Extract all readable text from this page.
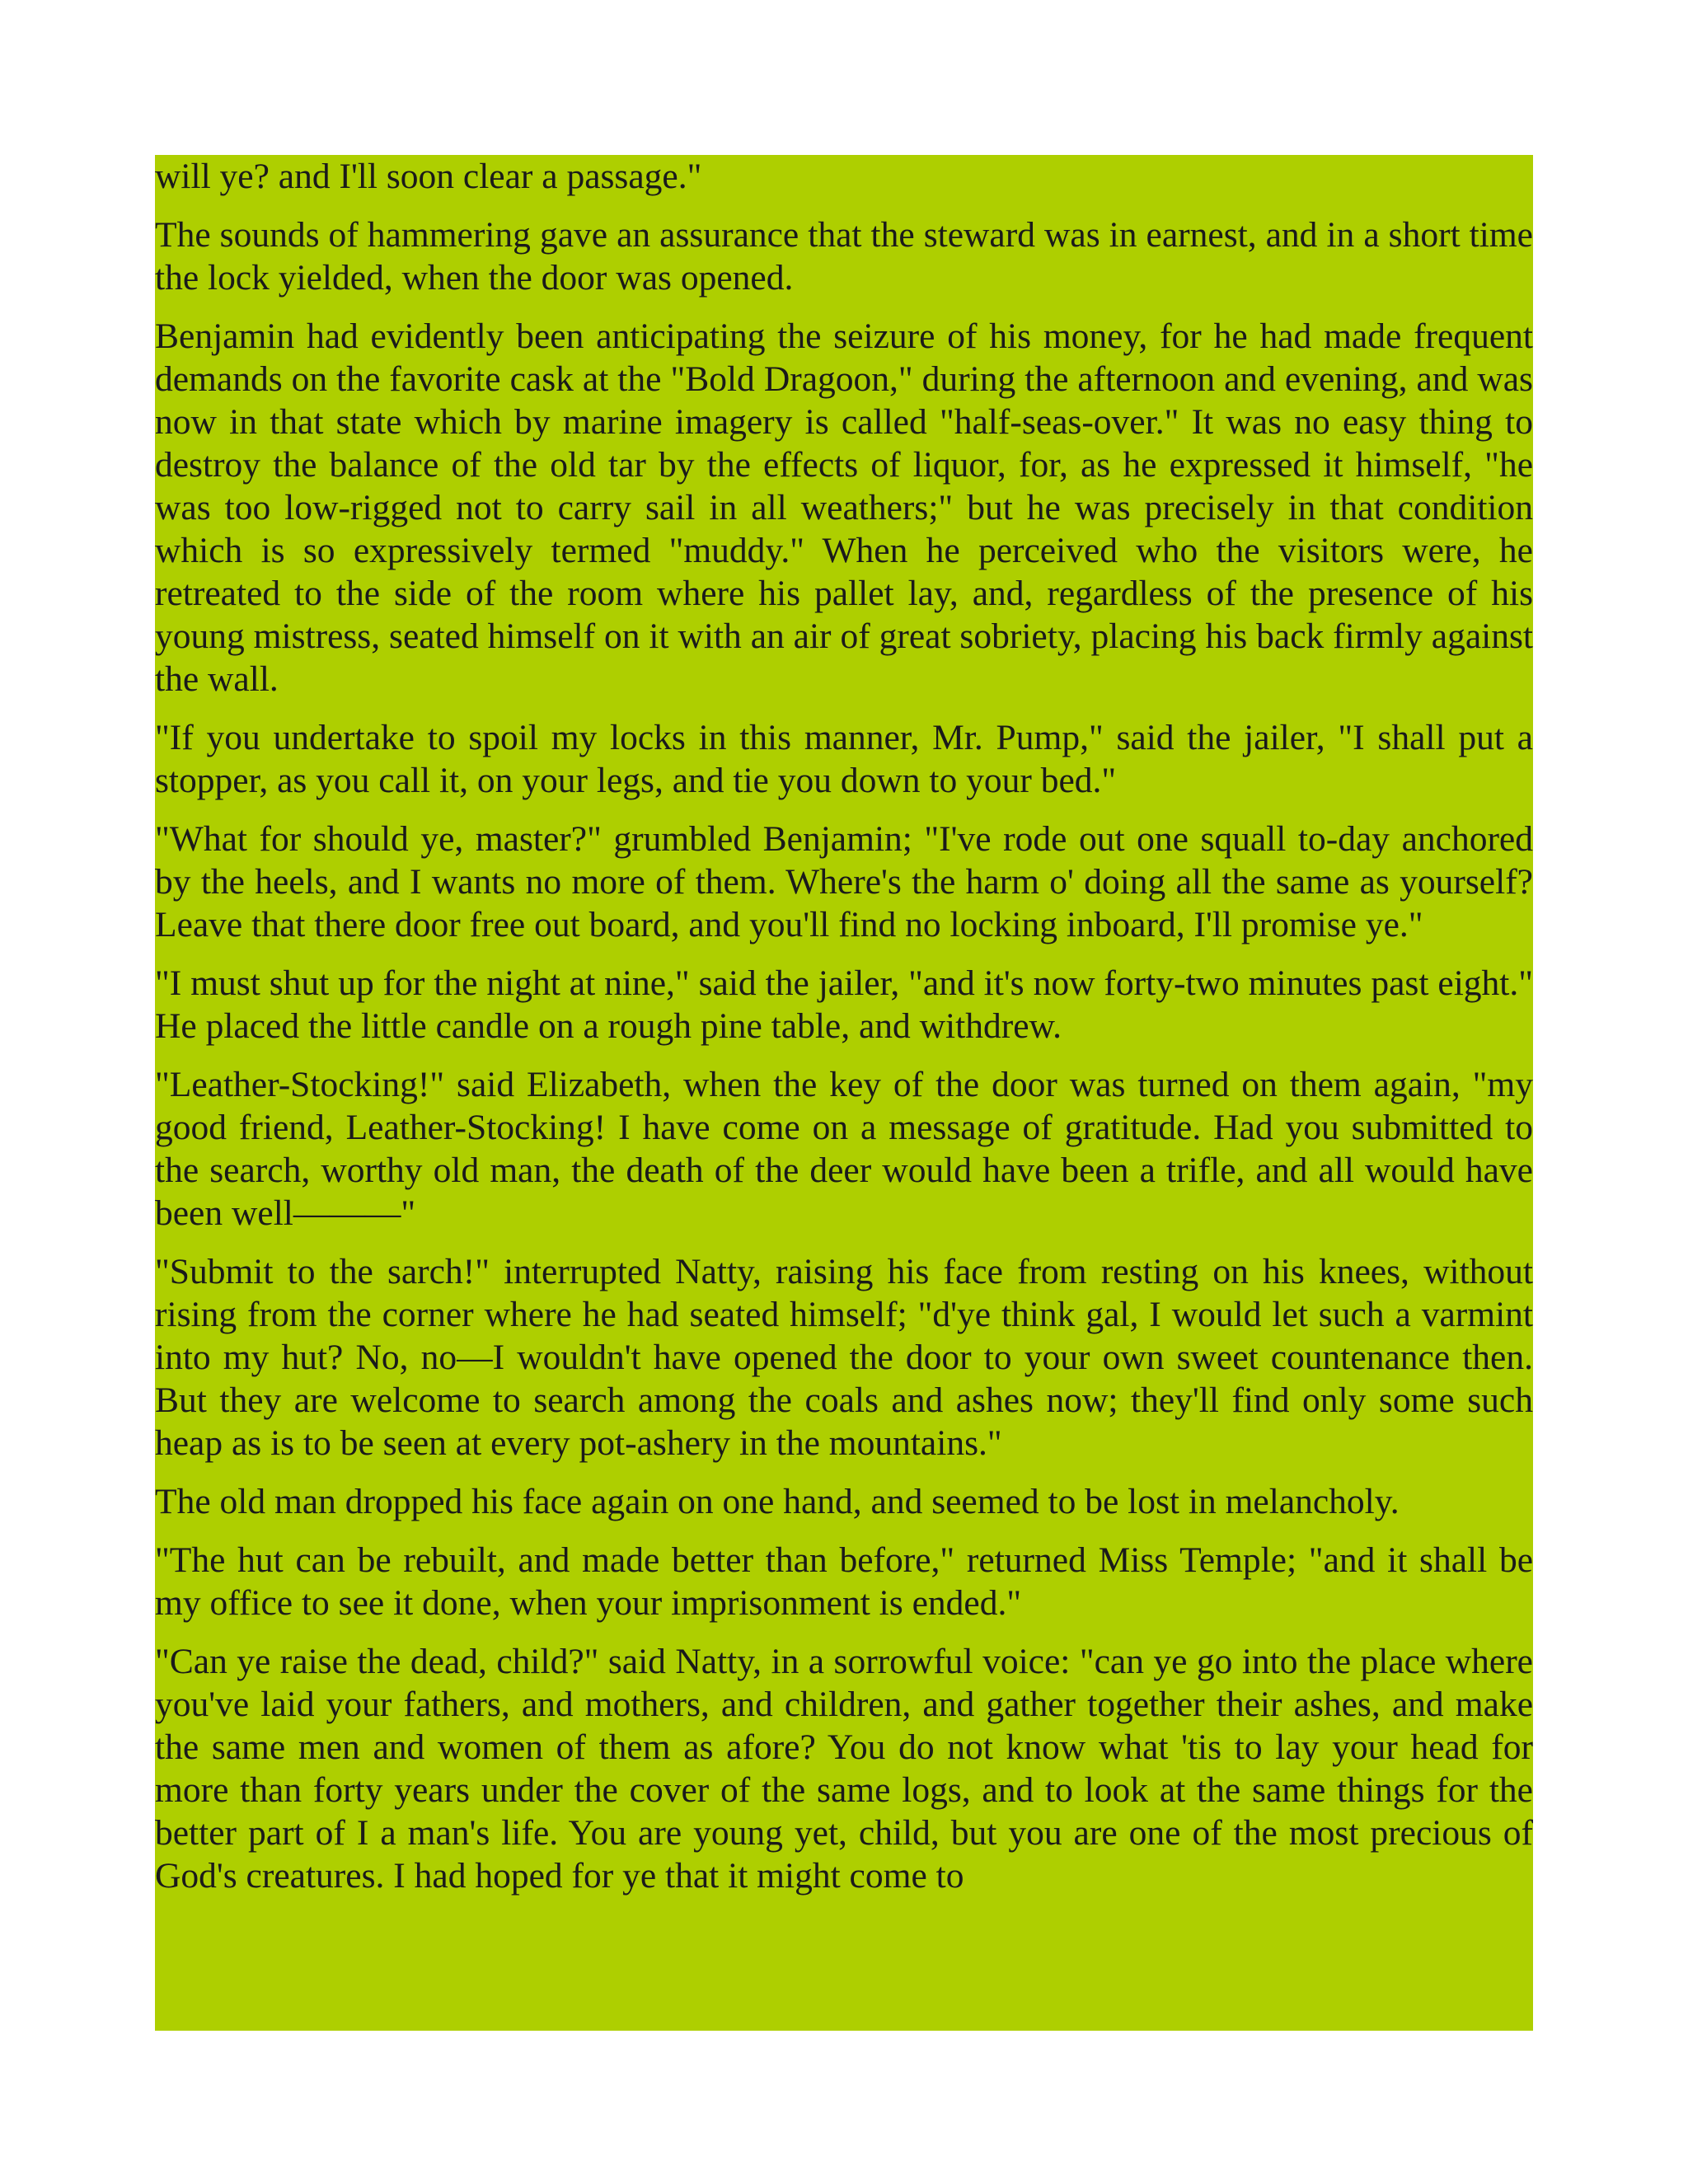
will ye? and I'll soon clear a passage."

The sounds of hammering gave an assurance that the steward was in earnest, and in a short time the lock yielded, when the door was opened.

Benjamin had evidently been anticipating the seizure of his money, for he had made frequent demands on the favorite cask at the "Bold Dragoon," during the afternoon and evening, and was now in that state which by marine imagery is called "half-seas-over." It was no easy thing to destroy the balance of the old tar by the effects of liquor, for, as he expressed it himself, "he was too low-rigged not to carry sail in all weathers;" but he was precisely in that condition which is so expressively termed "muddy." When he perceived who the visitors were, he retreated to the side of the room where his pallet lay, and, regardless of the presence of his young mistress, seated himself on it with an air of great sobriety, placing his back firmly against the wall.

"If you undertake to spoil my locks in this manner, Mr. Pump," said the jailer, "I shall put a stopper, as you call it, on your legs, and tie you down to your bed."

"What for should ye, master?" grumbled Benjamin; "I've rode out one squall to-day anchored by the heels, and I wants no more of them. Where's the harm o' doing all the same as yourself? Leave that there door free out board, and you'll find no locking inboard, I'll promise ye."

"I must shut up for the night at nine," said the jailer, "and it's now forty-two minutes past eight." He placed the little candle on a rough pine table, and withdrew.

"Leather-Stocking!" said Elizabeth, when the key of the door was turned on them again, "my good friend, Leather-Stocking! I have come on a message of gratitude. Had you submitted to the search, worthy old man, the death of the deer would have been a trifle, and all would have been well———"

"Submit to the sarch!" interrupted Natty, raising his face from resting on his knees, without rising from the corner where he had seated himself; "d'ye think gal, I would let such a varmint into my hut? No, no—I wouldn't have opened the door to your own sweet countenance then. But they are welcome to search among the coals and ashes now; they'll find only some such heap as is to be seen at every pot-ashery in the mountains."

The old man dropped his face again on one hand, and seemed to be lost in melancholy.

"The hut can be rebuilt, and made better than before," returned Miss Temple; "and it shall be my office to see it done, when your imprisonment is ended."

"Can ye raise the dead, child?" said Natty, in a sorrowful voice: "can ye go into the place where you've laid your fathers, and mothers, and children, and gather together their ashes, and make the same men and women of them as afore? You do not know what 'tis to lay your head for more than forty years under the cover of the same logs, and to look at the same things for the better part of I a man's life. You are young yet, child, but you are one of the most precious of God's creatures. I had hoped for ye that it might come to
